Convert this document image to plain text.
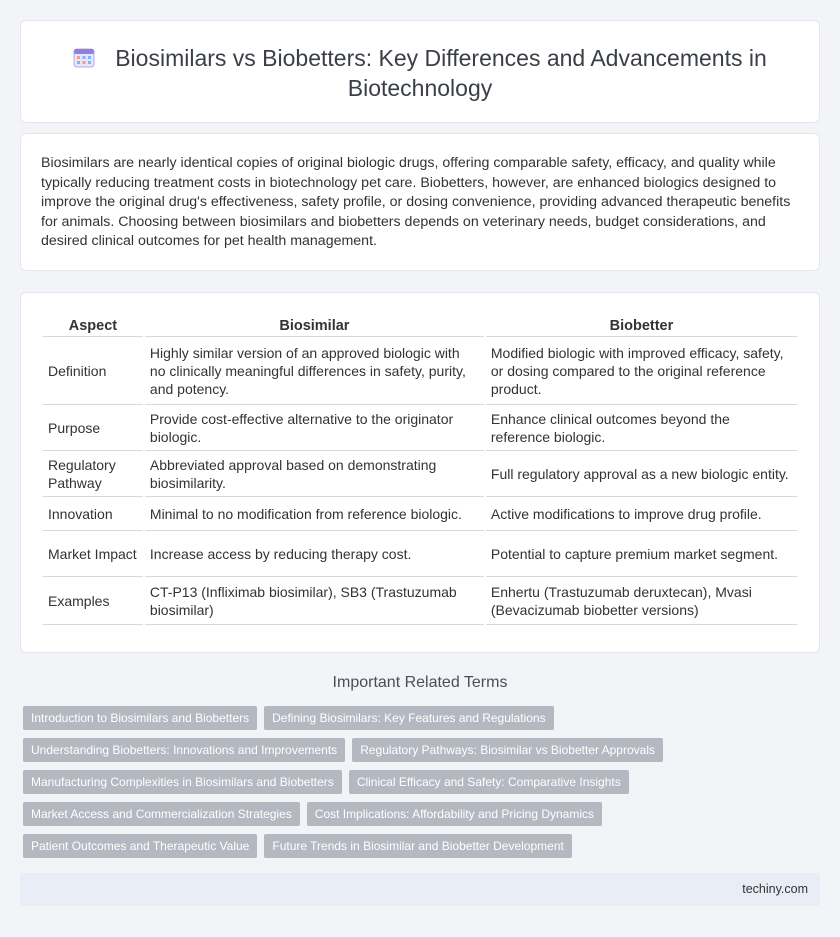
Biosimilars vs Biobetters: Key Differences and Advancements in Biotechnology

Biosimilars are nearly identical copies of original biologic drugs, offering comparable safety, efficacy, and quality while typically reducing treatment costs in biotechnology pet care. Biobetters, however, are enhanced biologics designed to improve the original drug's effectiveness, safety profile, or dosing convenience, providing advanced therapeutic benefits for animals. Choosing between biosimilars and biobetters depends on veterinary needs, budget considerations, and desired clinical outcomes for pet health management.

Aspect	Biosimilar	Biobetter
Definition	Highly similar version of an approved biologic with no clinically meaningful differences in safety, purity, and potency.	Modified biologic with improved efficacy, safety, or dosing compared to the original reference product.
Purpose	Provide cost-effective alternative to the originator biologic.	Enhance clinical outcomes beyond the reference biologic.
Regulatory Pathway	Abbreviated approval based on demonstrating biosimilarity.	Full regulatory approval as a new biologic entity.
Innovation	Minimal to no modification from reference biologic.	Active modifications to improve drug profile.
Market Impact	Increase access by reducing therapy cost.	Potential to capture premium market segment.
Examples	CT-P13 (Infliximab biosimilar), SB3 (Trastuzumab biosimilar)	Enhertu (Trastuzumab deruxtecan), Mvasi (Bevacizumab biobetter versions)
Important Related Terms
Introduction to Biosimilars and Biobetters	Defining Biosimilars: Key Features and Regulations
Understanding Biobetters: Innovations and Improvements	Regulatory Pathways: Biosimilar vs Biobetter Approvals
Manufacturing Complexities in Biosimilars and Biobetters	Clinical Efficacy and Safety: Comparative Insights
Market Access and Commercialization Strategies	Cost Implications: Affordability and Pricing Dynamics
Patient Outcomes and Therapeutic Value	Future Trends in Biosimilar and Biobetter Development
techiny.com
